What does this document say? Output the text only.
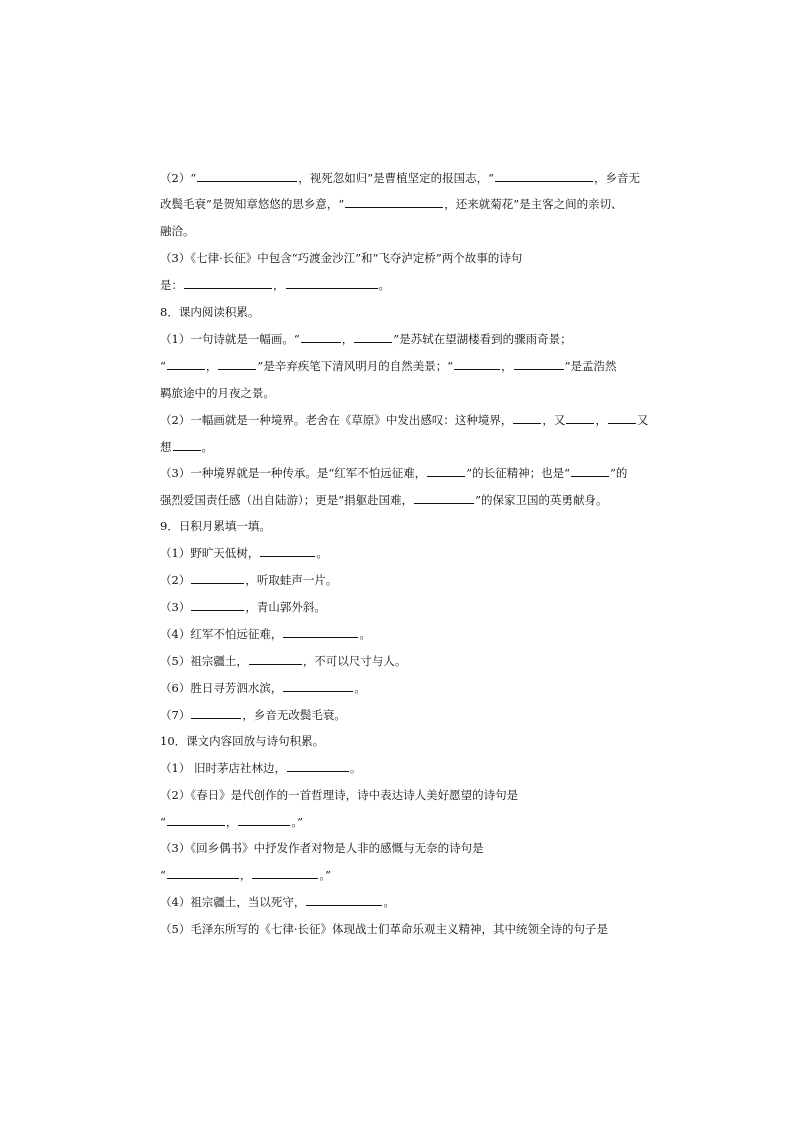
（2）“	，视死忽如归”是曹植坚定的报国志，“	，乡音无
改鬓毛衰”是贺知章悠悠的思乡意，“	，还来就菊花”是主客之间的亲切、
融洽。
（3）《七律·长征》中包含“巧渡金沙江”和“飞夺泸定桥”两个故事的诗句
是：	，	。
8．课内阅读积累。
（1）一句诗就是一幅画。“	，	”是苏轼在望湖楼看到的骤雨奇景；
“	，	”是辛弃疾笔下清风明月的自然美景；“	，	”是孟浩然
羁旅途中的月夜之景。
（2）一幅画就是一种境界。老舍在《草原》中发出感叹：这种境界，	，又	，	又
想	。
（3）一种境界就是一种传承。是“红军不怕远征难，	”的长征精神；也是“	”的
强烈爱国责任感（出自陆游）；更是“捐躯赴国难，	”的保家卫国的英勇献身。
9．日积月累填一填。
（1）野旷天低树，	。
（2）	，听取蛙声一片。
（3）	，青山郭外斜。
（4）红军不怕远征难，	。
（5）祖宗疆土，	，不可以尺寸与人。
（6）胜日寻芳泗水滨，	。
（7）	，乡音无改鬓毛衰。
10．课文内容回放与诗句积累。
（1） 旧时茅店社林边，	。
（2）《春日》是代创作的一首哲理诗，诗中表达诗人美好愿望的诗句是
“	，	。”
（3）《回乡偶书》中抒发作者对物是人非的感慨与无奈的诗句是
“	，	。”
（4）祖宗疆土，当以死守，	。
（5）毛泽东所写的《七律·长征》体现战士们革命乐观主义精神，其中统领全诗的句子是
